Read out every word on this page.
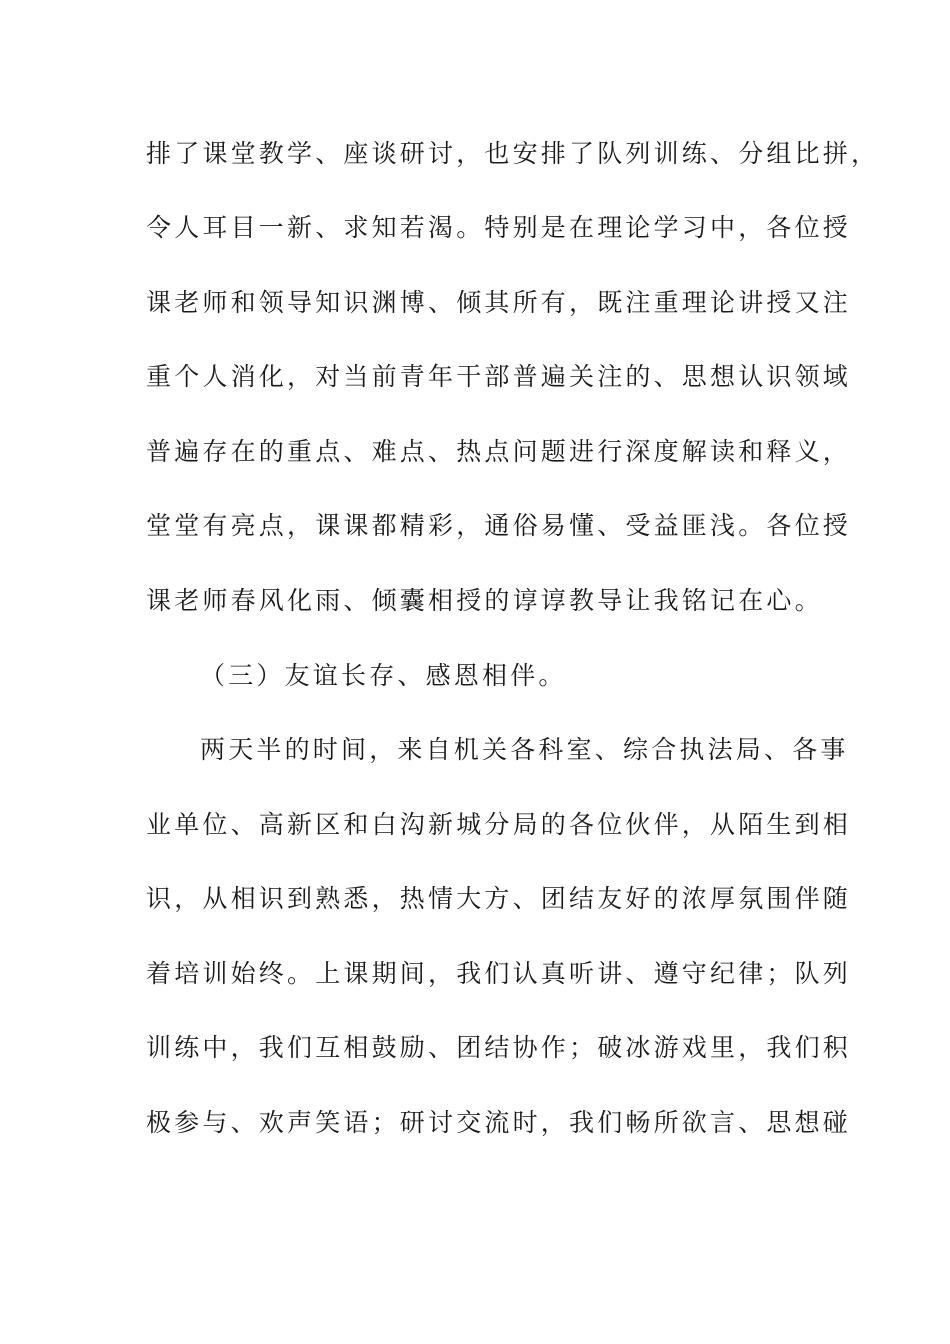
排了课堂教学、座谈研讨，也安排了队列训练、分组比拼，
令人耳目一新、求知若渴。特别是在理论学习中，各位授
课老师和领导知识渊博、倾其所有，既注重理论讲授又注
重个人消化，对当前青年干部普遍关注的、思想认识领域
普遍存在的重点、难点、热点问题进行深度解读和释义，
堂堂有亮点，课课都精彩，通俗易懂、受益匪浅。各位授
课老师春风化雨、倾囊相授的谆谆教导让我铭记在心。
（三）友谊长存、感恩相伴。
两天半的时间，来自机关各科室、综合执法局、各事
业单位、高新区和白沟新城分局的各位伙伴，从陌生到相
识，从相识到熟悉，热情大方、团结友好的浓厚氛围伴随
着培训始终。上课期间，我们认真听讲、遵守纪律；队列
训练中，我们互相鼓励、团结协作；破冰游戏里，我们积
极参与、欢声笑语；研讨交流时，我们畅所欲言、思想碰
